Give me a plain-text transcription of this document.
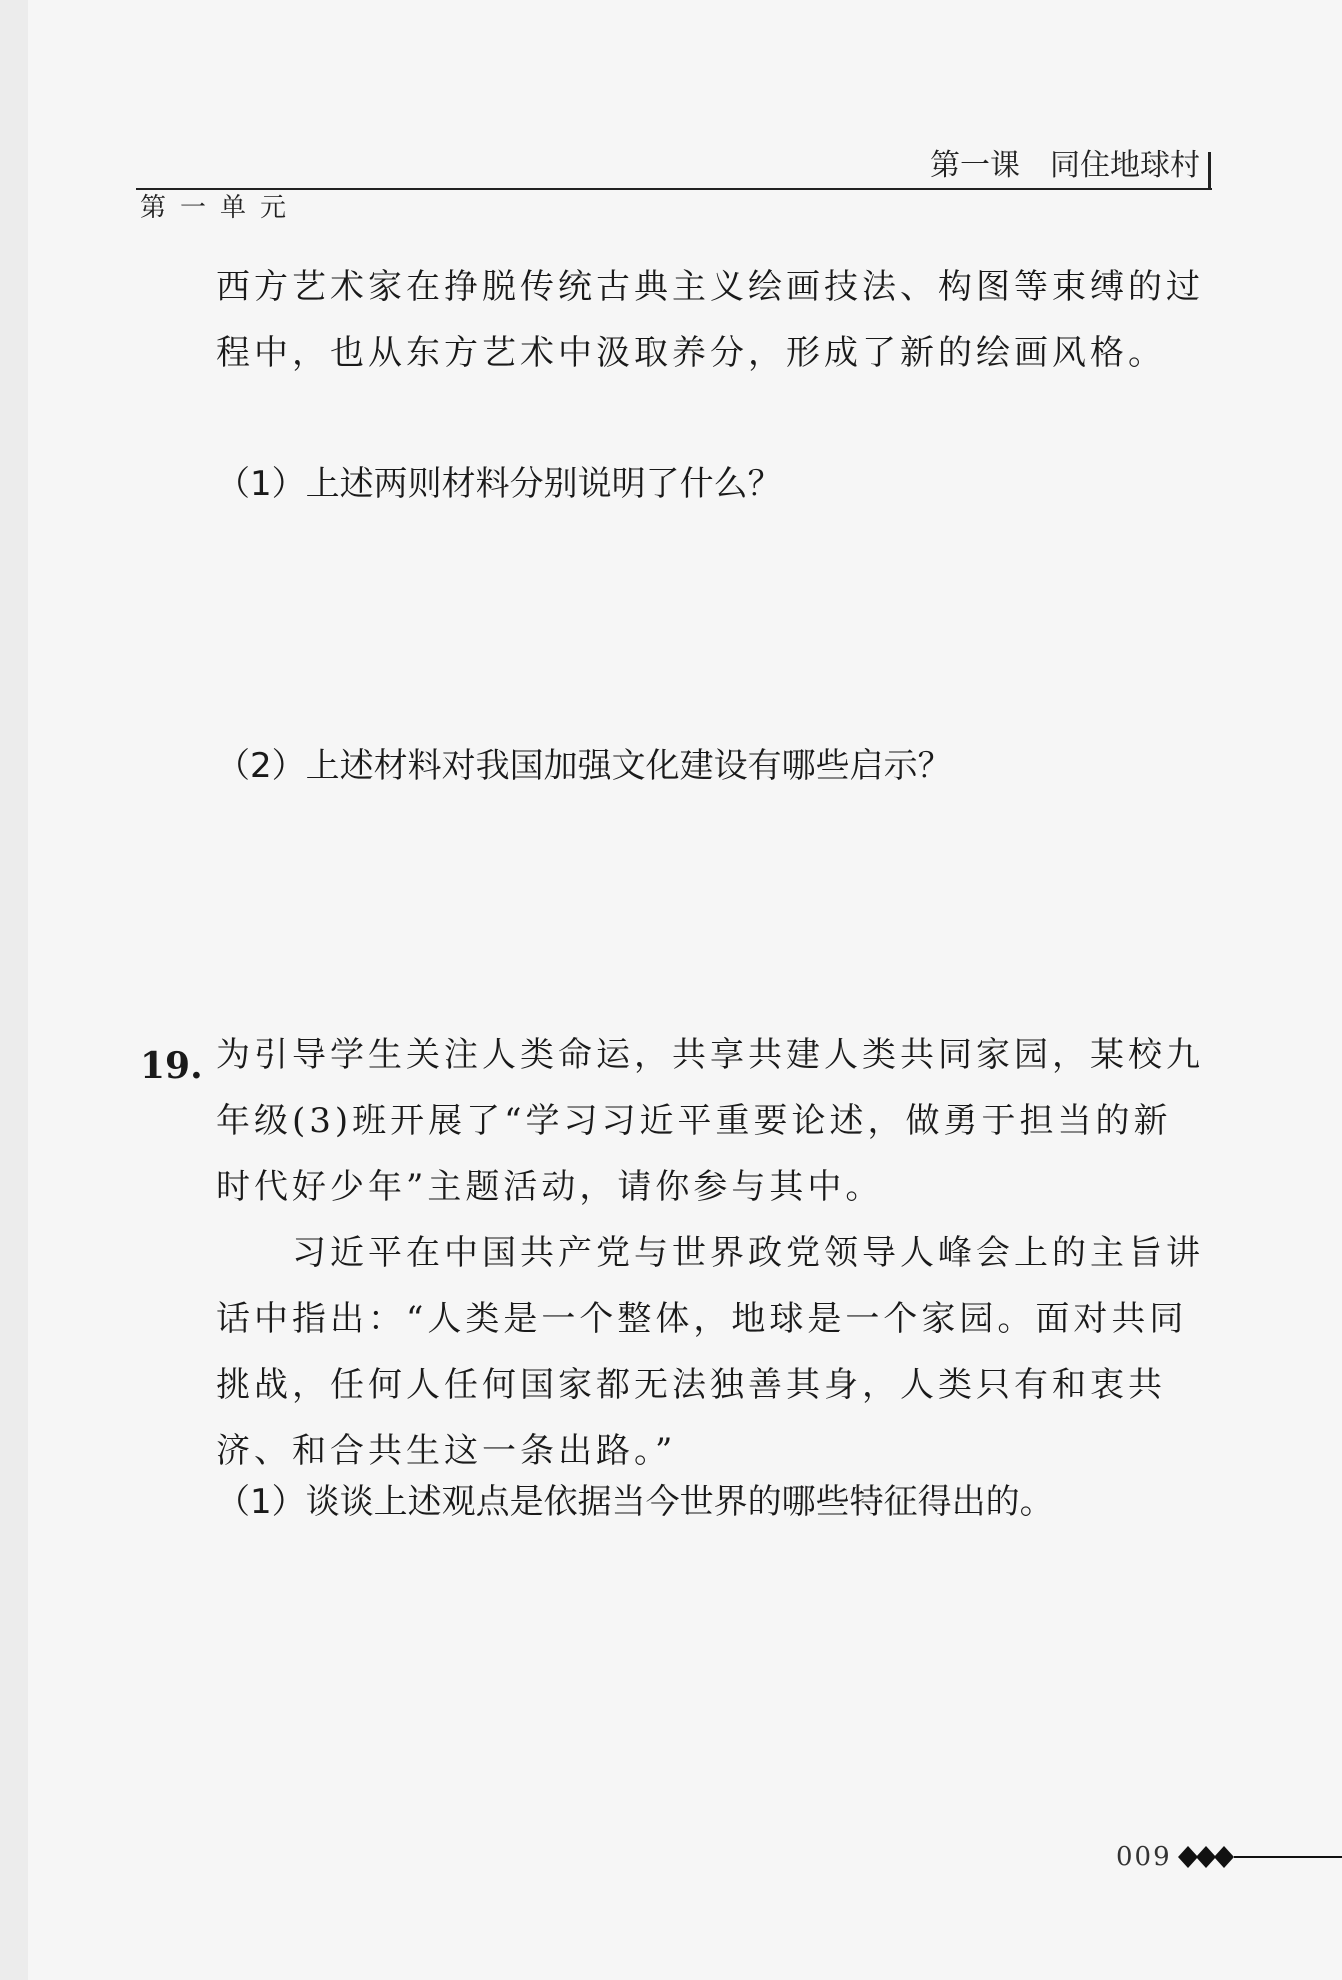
第一课　同住地球村
第一单元
西方艺术家在挣脱传统古典主义绘画技法、构图等束缚的过程中，也从东方艺术中汲取养分，形成了新的绘画风格。
（1）上述两则材料分别说明了什么？
（2）上述材料对我国加强文化建设有哪些启示？
19. 为引导学生关注人类命运，共享共建人类共同家园，某校九年级(3)班开展了“学习习近平重要论述，做勇于担当的新时代好少年”主题活动，请你参与其中。
习近平在中国共产党与世界政党领导人峰会上的主旨讲话中指出：“人类是一个整体，地球是一个家园。面对共同挑战，任何人任何国家都无法独善其身，人类只有和衷共济、和合共生这一条出路。”
（1）谈谈上述观点是依据当今世界的哪些特征得出的。
009
